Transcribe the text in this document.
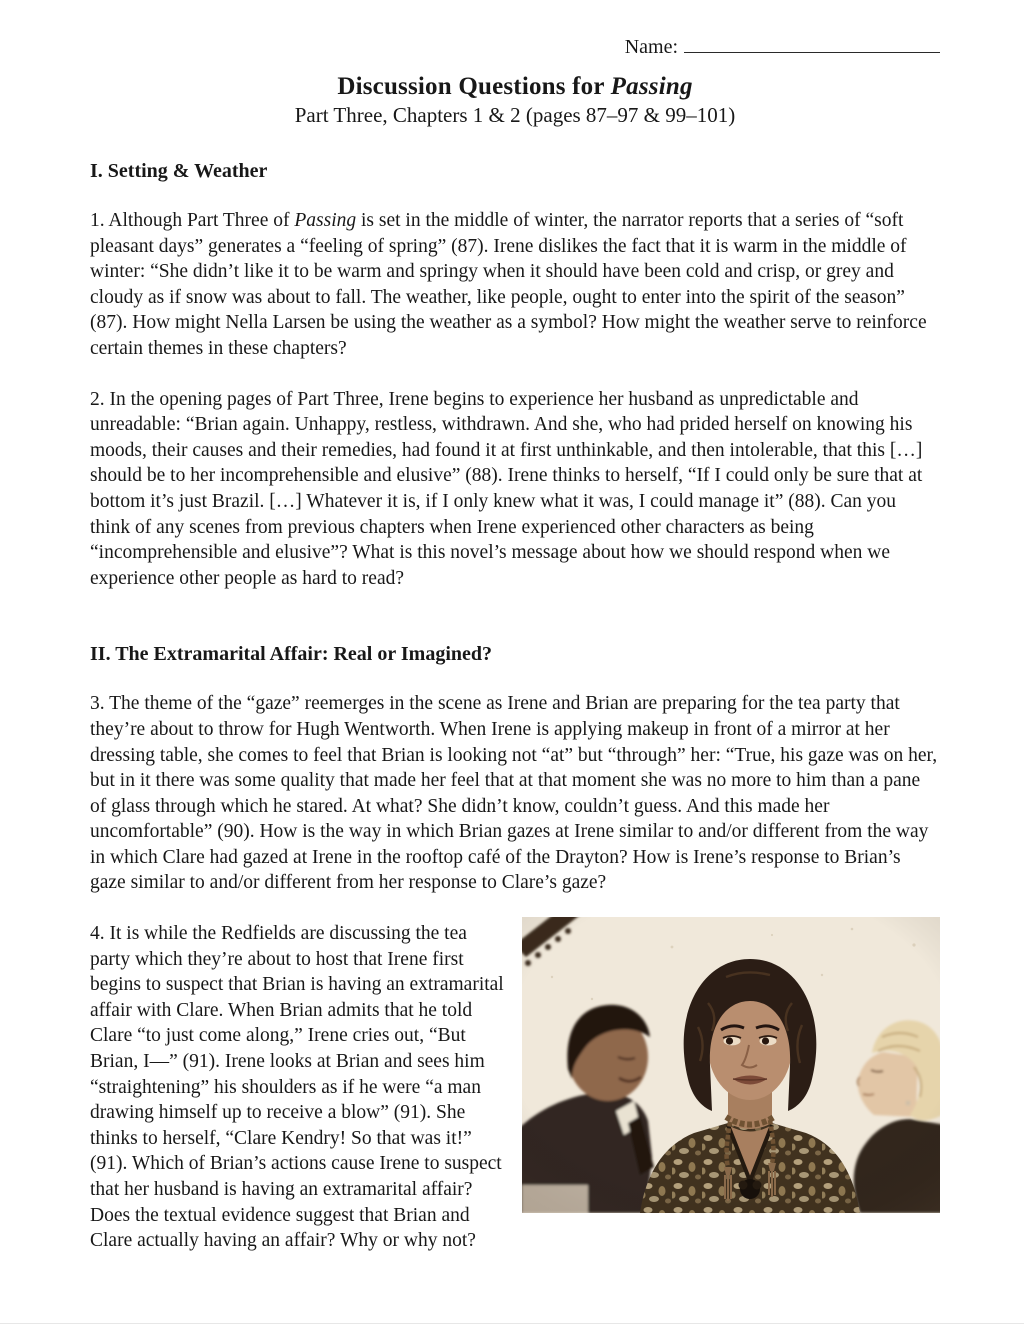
Name:
Discussion Questions for Passing
Part Three, Chapters 1 & 2 (pages 87–97 & 99–101)
I. Setting & Weather

1. Although Part Three of Passing is set in the middle of winter, the narrator reports that a series of “soft pleasant days” generates a “feeling of spring” (87). Irene dislikes the fact that it is warm in the middle of winter: “She didn’t like it to be warm and springy when it should have been cold and crisp, or grey and cloudy as if snow was about to fall. The weather, like people, ought to enter into the spirit of the season” (87). How might Nella Larsen be using the weather as a symbol? How might the weather serve to reinforce certain themes in these chapters?

2. In the opening pages of Part Three, Irene begins to experience her husband as unpredictable and unreadable: “Brian again. Unhappy, restless, withdrawn. And she, who had prided herself on knowing his moods, their causes and their remedies, had found it at first unthinkable, and then intolerable, that this […] should be to her incomprehensible and elusive” (88). Irene thinks to herself, “If I could only be sure that at bottom it’s just Brazil. […] Whatever it is, if I only knew what it was, I could manage it” (88). Can you think of any scenes from previous chapters when Irene experienced other characters as being “incomprehensible and elusive”? What is this novel’s message about how we should respond when we experience other people as hard to read?

II. The Extramarital Affair: Real or Imagined?

3. The theme of the “gaze” reemerges in the scene as Irene and Brian are preparing for the tea party that they’re about to throw for Hugh Wentworth. When Irene is applying makeup in front of a mirror at her dressing table, she comes to feel that Brian is looking not “at” but “through” her: “True, his gaze was on her, but in it there was some quality that made her feel that at that moment she was no more to him than a pane of glass through which he stared. At what? She didn’t know, couldn’t guess. And this made her uncomfortable” (90). How is the way in which Brian gazes at Irene similar to and/or different from the way in which Clare had gazed at Irene in the rooftop café of the Drayton? How is Irene’s response to Brian’s gaze similar to and/or different from her response to Clare’s gaze?

4. It is while the Redfields are discussing the tea party which they’re about to host that Irene first begins to suspect that Brian is having an extramarital affair with Clare. When Brian admits that he told Clare “to just come along,” Irene cries out, “But Brian, I—” (91). Irene looks at Brian and sees him “straightening” his shoulders as if he were “a man drawing himself up to receive a blow” (91). She thinks to herself, “Clare Kendry! So that was it!” (91). Which of Brian’s actions cause Irene to suspect that her husband is having an extramarital affair? Does the textual evidence suggest that Brian and Clare actually having an affair? Why or why not?
